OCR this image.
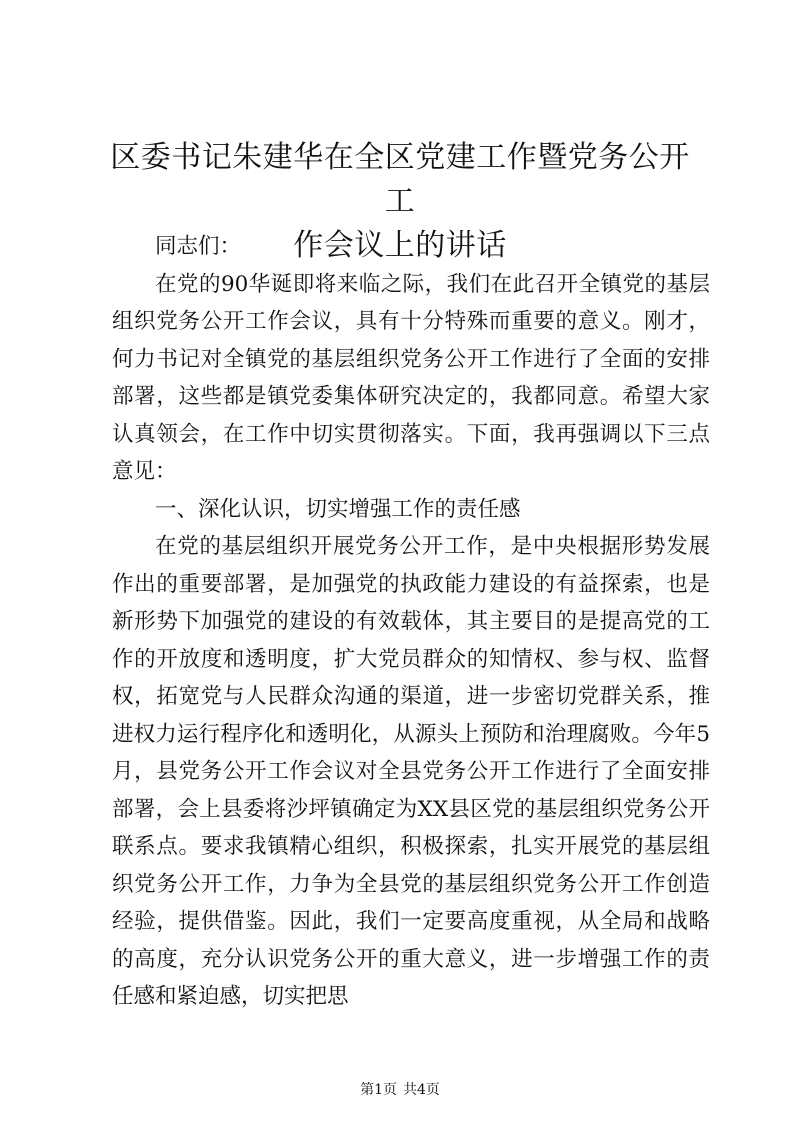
区委书记朱建华在全区党建工作暨党务公开工
作会议上的讲话

同志们：

在党的90华诞即将来临之际，我们在此召开全镇党的基层组织党务公开工作会议，具有十分特殊而重要的意义。刚才，何力书记对全镇党的基层组织党务公开工作进行了全面的安排部署，这些都是镇党委集体研究决定的，我都同意。希望大家认真领会，在工作中切实贯彻落实。下面，我再强调以下三点意见：

一、深化认识，切实增强工作的责任感

在党的基层组织开展党务公开工作，是中央根据形势发展作出的重要部署，是加强党的执政能力建设的有益探索，也是新形势下加强党的建设的有效载体，其主要目的是提高党的工作的开放度和透明度，扩大党员群众的知情权、参与权、监督权，拓宽党与人民群众沟通的渠道，进一步密切党群关系，推进权力运行程序化和透明化，从源头上预防和治理腐败。今年5月，县党务公开工作会议对全县党务公开工作进行了全面安排部署，会上县委将沙坪镇确定为XX县区党的基层组织党务公开联系点。要求我镇精心组织，积极探索，扎实开展党的基层组织党务公开工作，力争为全县党的基层组织党务公开工作创造经验，提供借鉴。因此，我们一定要高度重视，从全局和战略的高度，充分认识党务公开的重大意义，进一步增强工作的责任感和紧迫感，切实把思

第1页 共4页
